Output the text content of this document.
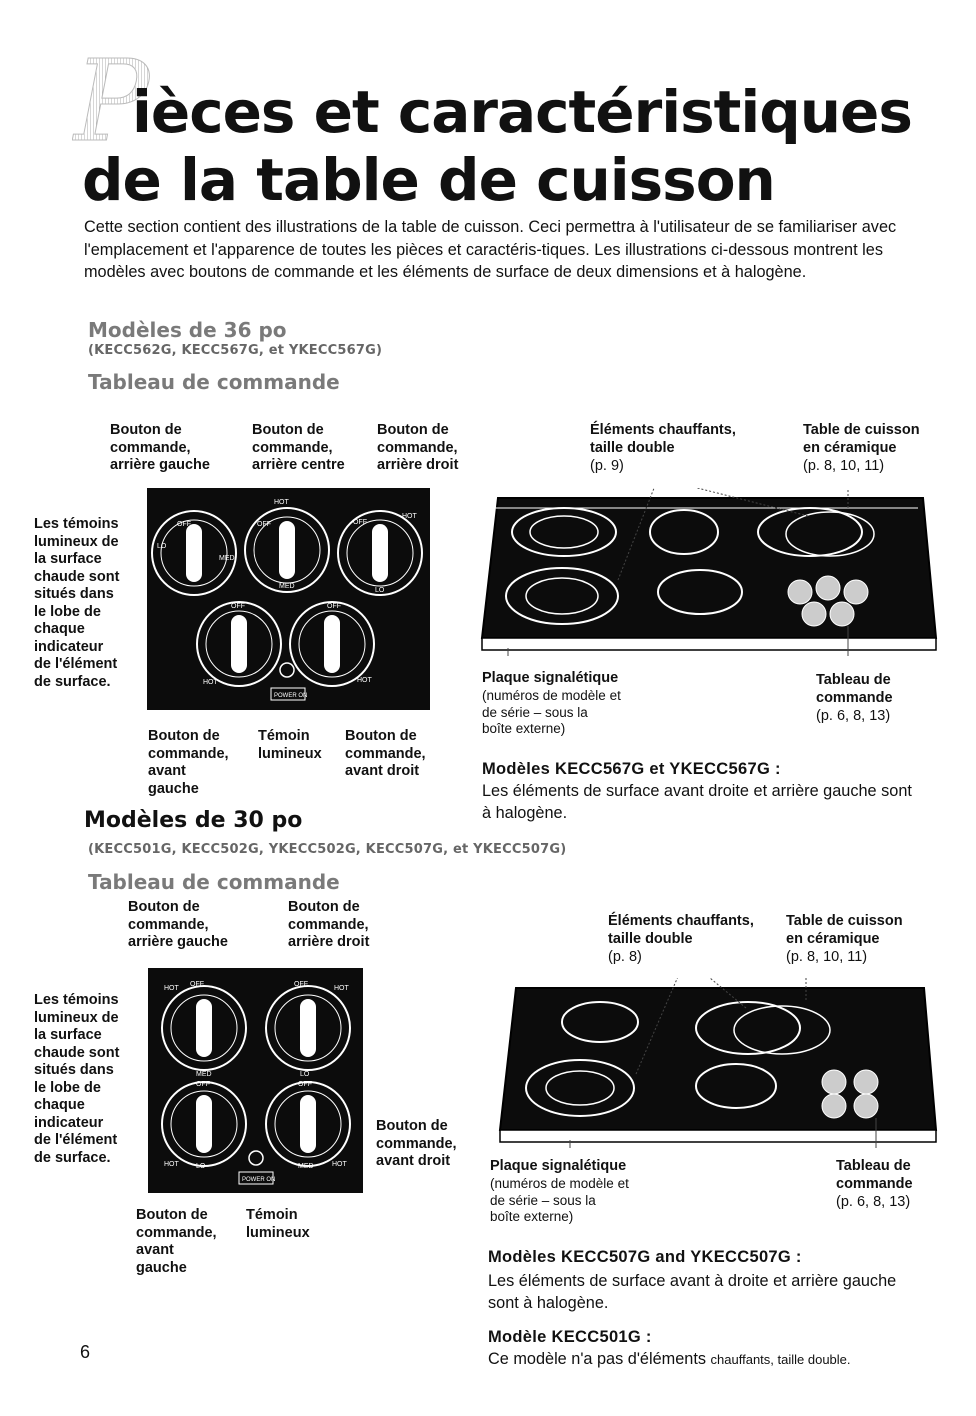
P
ièces et caractéristiques
de la table de cuisson

Cette section contient des illustrations de la table de cuisson. Ceci permettra à l'utilisateur de se familiariser avec l'emplacement et l'apparence de toutes les pièces et caractéris-tiques. Les illustrations ci-dessous montrent les modèles avec boutons de commande et les éléments de surface de deux dimensions et à halogène.

Modèles de 36 po

(KECC562G, KECC567G, et YKECC567G)

Tableau de commande

Bouton de
commande,
arrière gauche

Bouton de
commande,
arrière centre

Bouton de
commande,
arrière droit

Les témoins
lumineux de
la surface
chaude sont
situés dans
le lobe de
chaque
indicateur
de l'élément
de surface.

OFF
LO
MED
HOT
OFF
MED
HOT
OFF
LO
OFF
HOT
OFF
HOT
POWER ON

Bouton de
commande,
avant
gauche

Témoin
lumineux

Bouton de
commande,
avant droit

Éléments chauffants,
taille double

(p. 9)

Table de cuisson
en céramique

(p. 8, 10, 11)

Plaque signalétique

(numéros de modèle et
de série – sous la
boîte externe)

Tableau de
commande

(p. 6, 8, 13)

Modèles KECC567G et YKECC567G :

Les éléments de surface avant droite et arrière gauche sont à halogène.

Modèles de 30 po

(KECC501G, KECC502G, YKECC502G, KECC507G, et YKECC507G)

Tableau de commande

Bouton de
commande,
arrière gauche

Bouton de
commande,
arrière droit

Les témoins
lumineux de
la surface
chaude sont
situés dans
le lobe de
chaque
indicateur
de l'élément
de surface.

HOT
OFF
MED
OFF
HOT
LO
OFF
HOT LO
OFF
MED	HOT
POWER ON

Bouton de
commande,
avant droit

Bouton de
commande,
avant
gauche

Témoin
lumineux

Éléments chauffants,
taille double

(p. 8)

Table de cuisson
en céramique

(p. 8, 10, 11)

Plaque signalétique

(numéros de modèle et
de série – sous la
boîte externe)

Tableau de
commande

(p. 6, 8, 13)

Modèles KECC507G and YKECC507G :

Les éléments de surface avant à droite et arrière gauche sont à halogène.

Modèle KECC501G :

Ce modèle n'a pas d'éléments chauffants, taille double.

6
